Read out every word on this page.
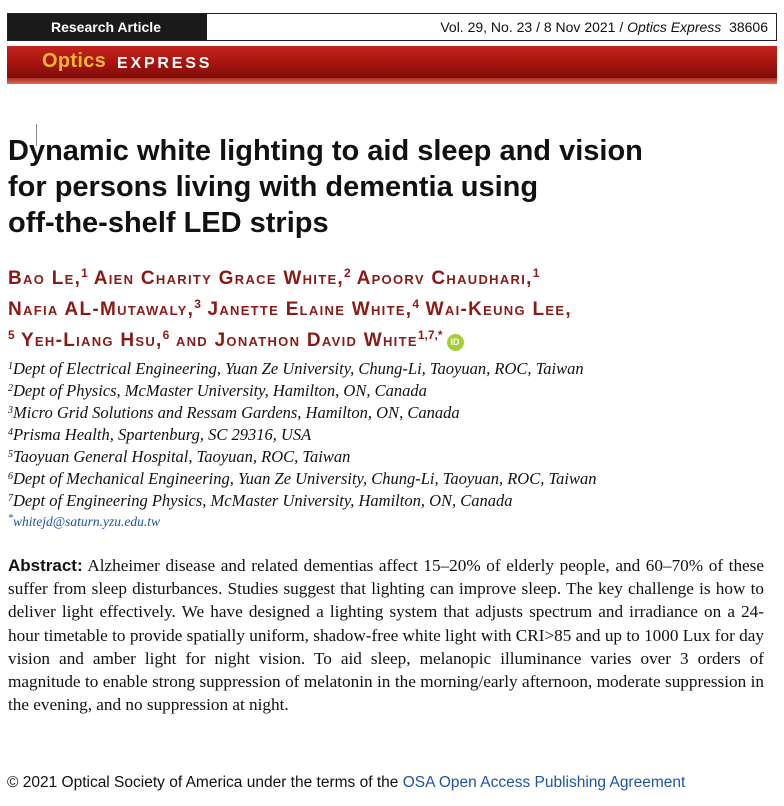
Research Article	Vol. 29, No. 23 / 8 Nov 2021 / Optics Express 38606
Optics EXPRESS
Dynamic white lighting to aid sleep and vision
for persons living with dementia using
off-the-shelf LED strips
Bao Le,$^1$ Aien Charity Grace White,$^2$ Apoorv Chaudhari,$^1$
Nafia AL-Mutawaly,$^3$ Janette Elaine White,$^4$ Wai-Keung Lee,
$^5$ Yeh-Liang Hsu,$^6$ and Jonathon David White$^{1,7,*}$ iD
$^1$Dept of Electrical Engineering, Yuan Ze University, Chung-Li, Taoyuan, ROC, Taiwan
$^2$Dept of Physics, McMaster University, Hamilton, ON, Canada
$^3$Micro Grid Solutions and Ressam Gardens, Hamilton, ON, Canada
$^4$Prisma Health, Spartenburg, SC 29316, USA
$^5$Taoyuan General Hospital, Taoyuan, ROC, Taiwan
$^6$Dept of Mechanical Engineering, Yuan Ze University, Chung-Li, Taoyuan, ROC, Taiwan
$^7$Dept of Engineering Physics, McMaster University, Hamilton, ON, Canada
*whitejd@saturn.yzu.edu.tw
Abstract: Alzheimer disease and related dementias affect 15–20% of elderly people, and 60–70% of these suffer from sleep disturbances. Studies suggest that lighting can improve sleep. The key challenge is how to deliver light effectively. We have designed a lighting system that adjusts spectrum and irradiance on a 24-hour timetable to provide spatially uniform, shadow-free white light with CRI>85 and up to 1000 Lux for day vision and amber light for night vision. To aid sleep, melanopic illuminance varies over 3 orders of magnitude to enable strong suppression of melatonin in the morning/early afternoon, moderate suppression in the evening, and no suppression at night.
© 2021 Optical Society of America under the terms of the OSA Open Access Publishing Agreement
